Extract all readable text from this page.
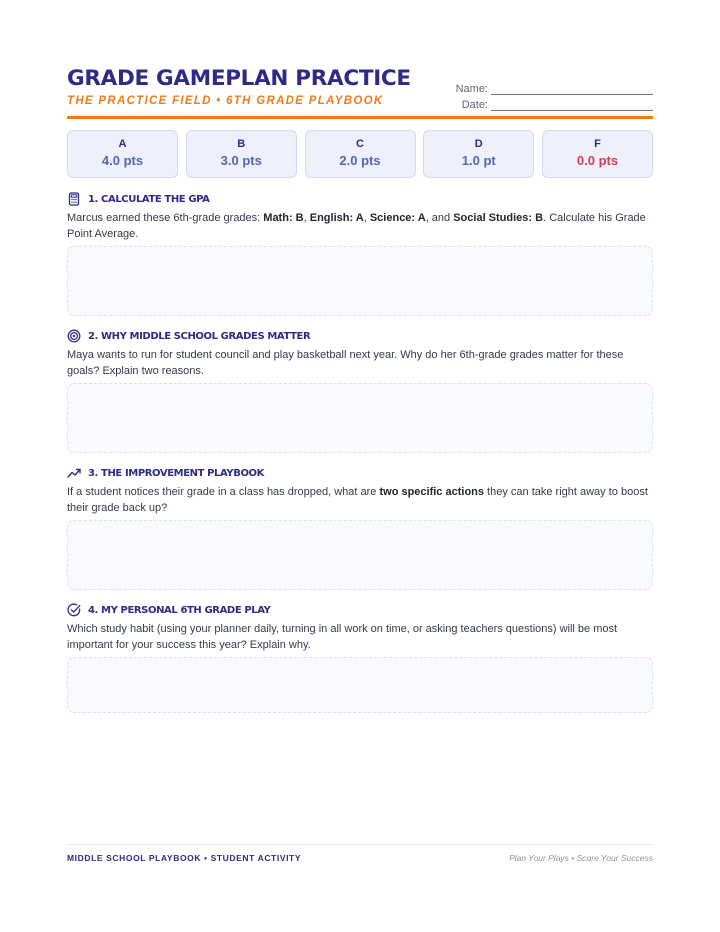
GRADE GAMEPLAN PRACTICE
THE PRACTICE FIELD • 6TH GRADE PLAYBOOK
Name:
Date:
A
4.0 pts
B
3.0 pts
C
2.0 pts
D
1.0 pt
F
0.0 pts
1. CALCULATE THE GPA
Marcus earned these 6th-grade grades: Math: B, English: A, Science: A, and Social Studies: B. Calculate his Grade Point Average.
2. WHY MIDDLE SCHOOL GRADES MATTER
Maya wants to run for student council and play basketball next year. Why do her 6th-grade grades matter for these goals? Explain two reasons.
3. THE IMPROVEMENT PLAYBOOK
If a student notices their grade in a class has dropped, what are two specific actions they can take right away to boost their grade back up?
4. MY PERSONAL 6TH GRADE PLAY
Which study habit (using your planner daily, turning in all work on time, or asking teachers questions) will be most important for your success this year? Explain why.
MIDDLE SCHOOL PLAYBOOK • STUDENT ACTIVITY	Plan Your Plays • Score Your Success
